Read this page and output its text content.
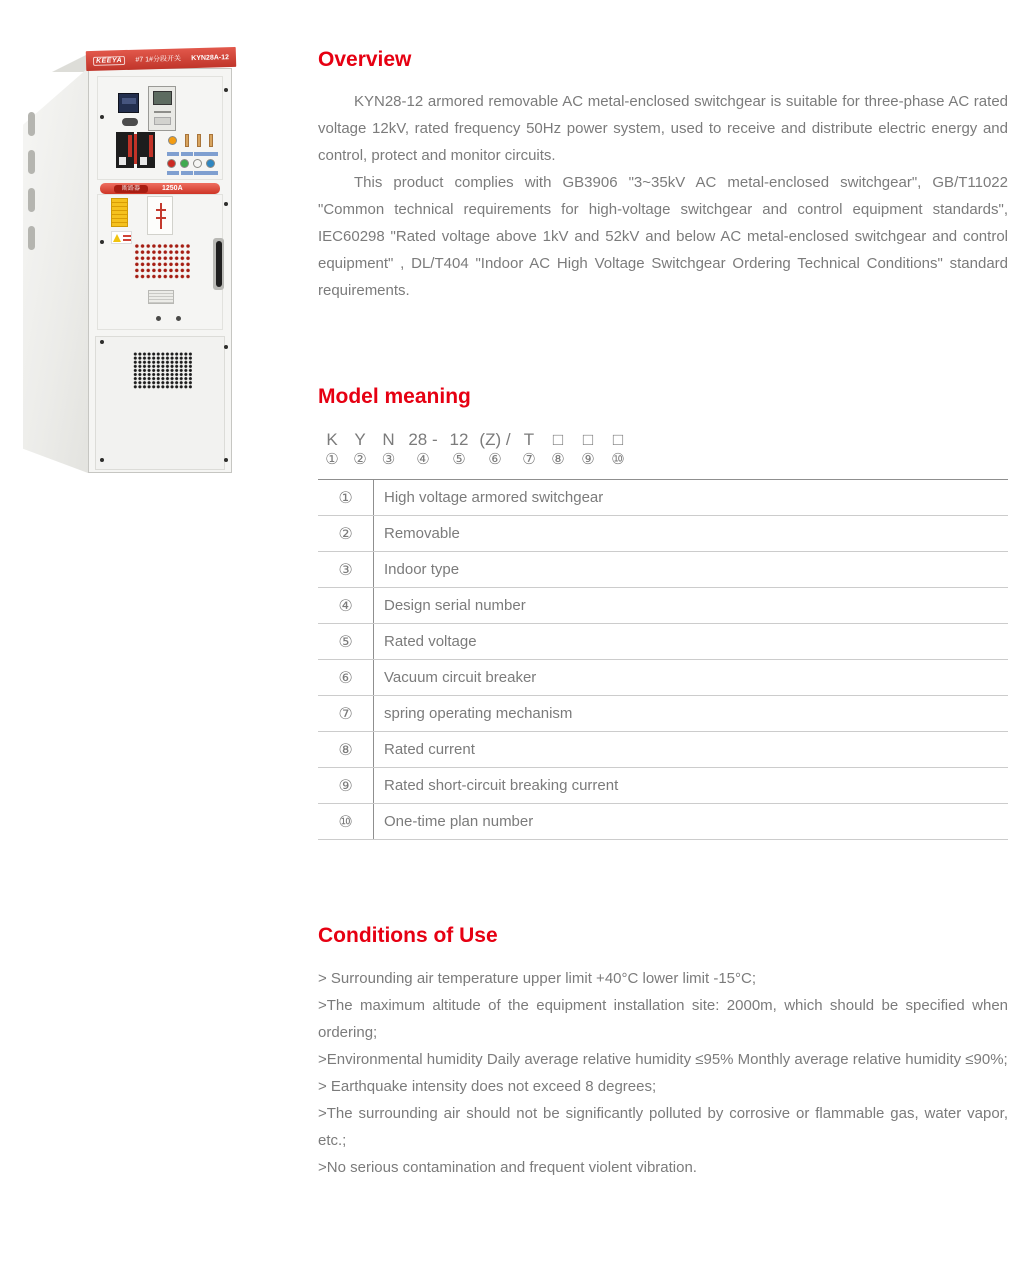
KEEYA	#7 1#分段开关 KYN28A-12
断路器	1250A
Overview

KYN28-12 armored removable AC metal-enclosed switchgear is suitable for three-phase AC rated voltage 12kV, rated frequency 50Hz power system, used to receive and distribute electric energy and control, protect and monitor circuits.

This product complies with GB3906 "3~35kV AC metal-enclosed switchgear", GB/T11022 "Common technical requirements for high-voltage switchgear and control equipment standards", IEC60298 "Rated voltage above 1kV and 52kV and below AC metal-enclosed switchgear and control equipment" , DL/T404 "Indoor AC High Voltage Switchgear Ordering Technical Conditions" standard requirements.

Model meaning
K
①
Y
②
N
③
28 -
④
12
⑤
(Z) /
⑥
T
⑦
□
⑧
□
⑨
□
⑩
①	High voltage armored switchgear
②	Removable
③	Indoor type
④	Design serial number
⑤	Rated voltage
⑥	Vacuum circuit breaker
⑦	spring operating mechanism
⑧	Rated current
⑨	Rated short-circuit breaking current
⑩	One-time plan number
Conditions of Use

> Surrounding air temperature upper limit +40°C lower limit -15°C;

>The maximum altitude of the equipment installation site: 2000m, which should be specified when ordering;

>Environmental humidity Daily average relative humidity ≤95% Monthly average relative humidity ≤90%;

> Earthquake intensity does not exceed 8 degrees;

>The surrounding air should not be significantly polluted by corrosive or flammable gas, water vapor, etc.;

>No serious contamination and frequent violent vibration.
